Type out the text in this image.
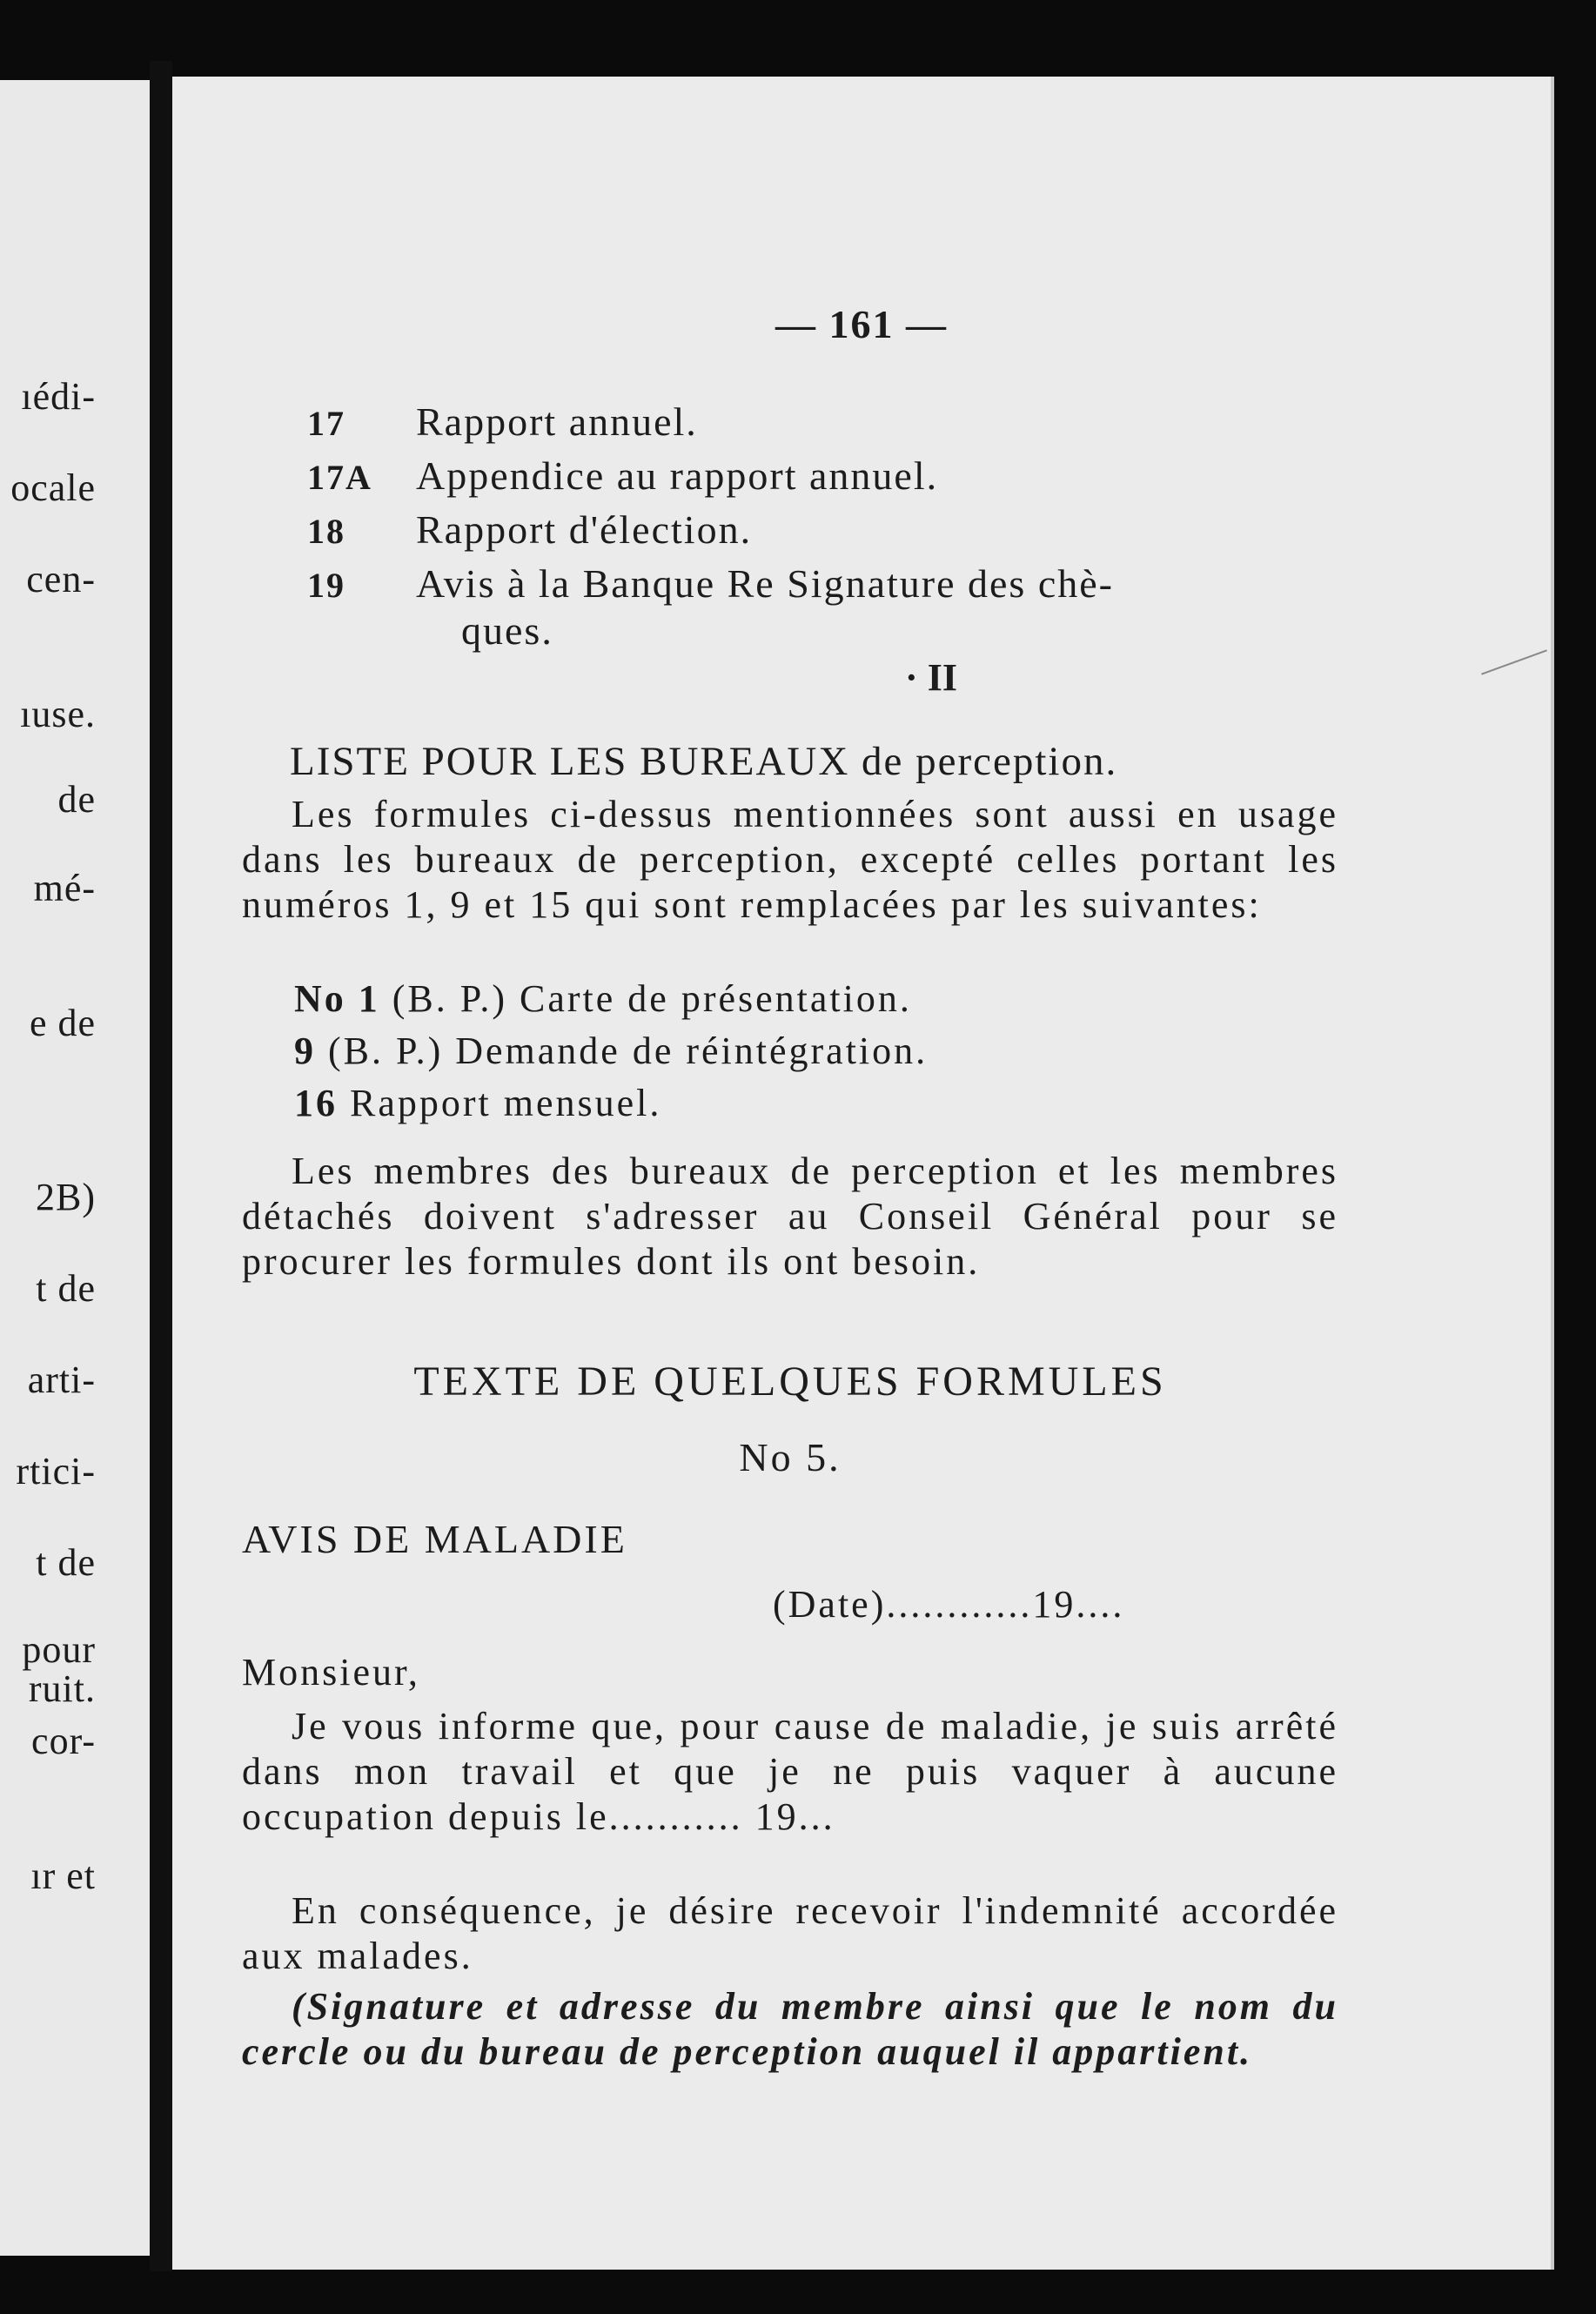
ıédi-
ocale
cen-
ıuse.
de
mé-
e de
2B)
t de
arti-
rtici-
t de
pour
ruit.
cor-
ır et
— 161 —
17 Rapport annuel.
17A Appendice au rapport annuel.
18 Rapport d'élection.
19 Avis à la Banque Re Signature des chè-
ques.
· II
LISTE POUR LES BUREAUX de perception.
Les formules ci-dessus mentionnées sont aussi en usage dans les bureaux de perception, excepté celles portant les numéros 1, 9 et 15 qui sont remplacées par les suivantes:
No 1 (B. P.) Carte de présentation.
9 (B. P.) Demande de réintégration.
16 Rapport mensuel.
Les membres des bureaux de perception et les membres détachés doivent s'adresser au Conseil Général pour se procurer les formules dont ils ont besoin.
TEXTE DE QUELQUES FORMULES
No 5.
AVIS DE MALADIE
(Date)............19....
Monsieur,
Je vous informe que, pour cause de maladie, je suis arrêté dans mon travail et que je ne puis vaquer à aucune occupation depuis le........... 19...
En conséquence, je désire recevoir l'indemnité accordée aux malades.
(Signature et adresse du membre ainsi que le nom du cercle ou du bureau de perception auquel il appartient.
